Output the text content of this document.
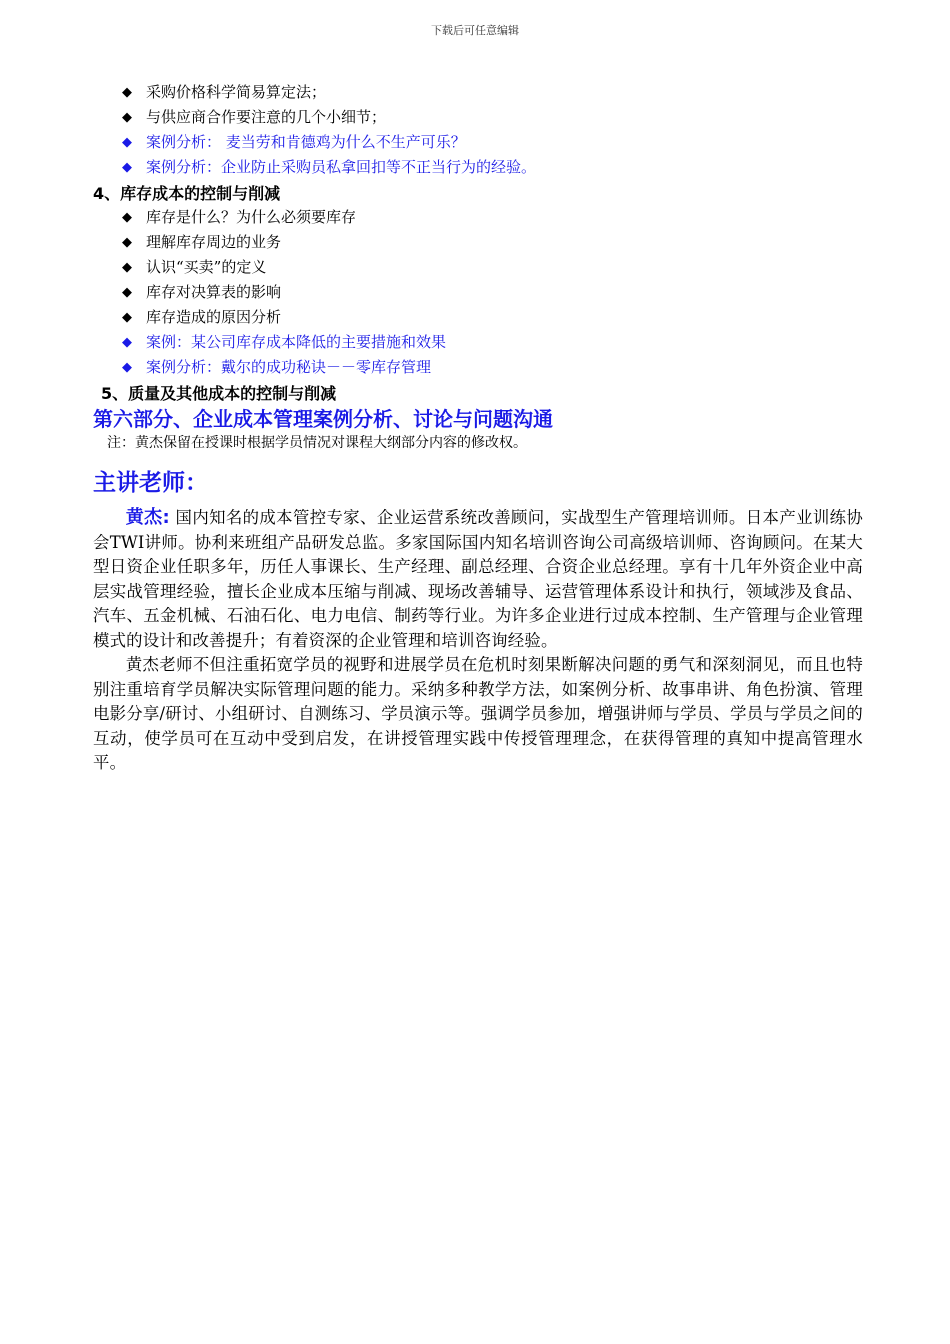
下载后可任意编辑
◆ 采购价格科学简易算定法；
◆ 与供应商合作要注意的几个小细节；
◆ 案例分析： 麦当劳和肯德鸡为什么不生产可乐？
◆ 案例分析：企业防止采购员私拿回扣等不正当行为的经验。
4、库存成本的控制与削减
◆ 库存是什么？为什么必须要库存
◆ 理解库存周边的业务
◆ 认识“买卖”的定义
◆ 库存对决算表的影响
◆ 库存造成的原因分析
◆ 案例：某公司库存成本降低的主要措施和效果
◆ 案例分析：戴尔的成功秘诀－－零库存管理
5、质量及其他成本的控制与削减
第六部分、企业成本管理案例分析、讨论与问题沟通
注：黄杰保留在授课时根据学员情况对课程大纲部分内容的修改权。
主讲老师：

黄杰: 国内知名的成本管控专家、企业运营系统改善顾问，实战型生产管理培训师。日本产业训练协会TWI讲师。协利来班组产品研发总监。多家国际国内知名培训咨询公司高级培训师、咨询顾问。在某大型日资企业任职多年，历任人事课长、生产经理、副总经理、合资企业总经理。享有十几年外资企业中高层实战管理经验，擅长企业成本压缩与削减、现场改善辅导、运营管理体系设计和执行，领域涉及食品、汽车、五金机械、石油石化、电力电信、制药等行业。为许多企业进行过成本控制、生产管理与企业管理模式的设计和改善提升；有着资深的企业管理和培训咨询经验。

黄杰老师不但注重拓宽学员的视野和进展学员在危机时刻果断解决问题的勇气和深刻洞见，而且也特别注重培育学员解决实际管理问题的能力。采纳多种教学方法，如案例分析、故事串讲、角色扮演、管理电影分享/研讨、小组研讨、自测练习、学员演示等。强调学员参加，增强讲师与学员、学员与学员之间的互动，使学员可在互动中受到启发，在讲授管理实践中传授管理理念，在获得管理的真知中提高管理水平。
